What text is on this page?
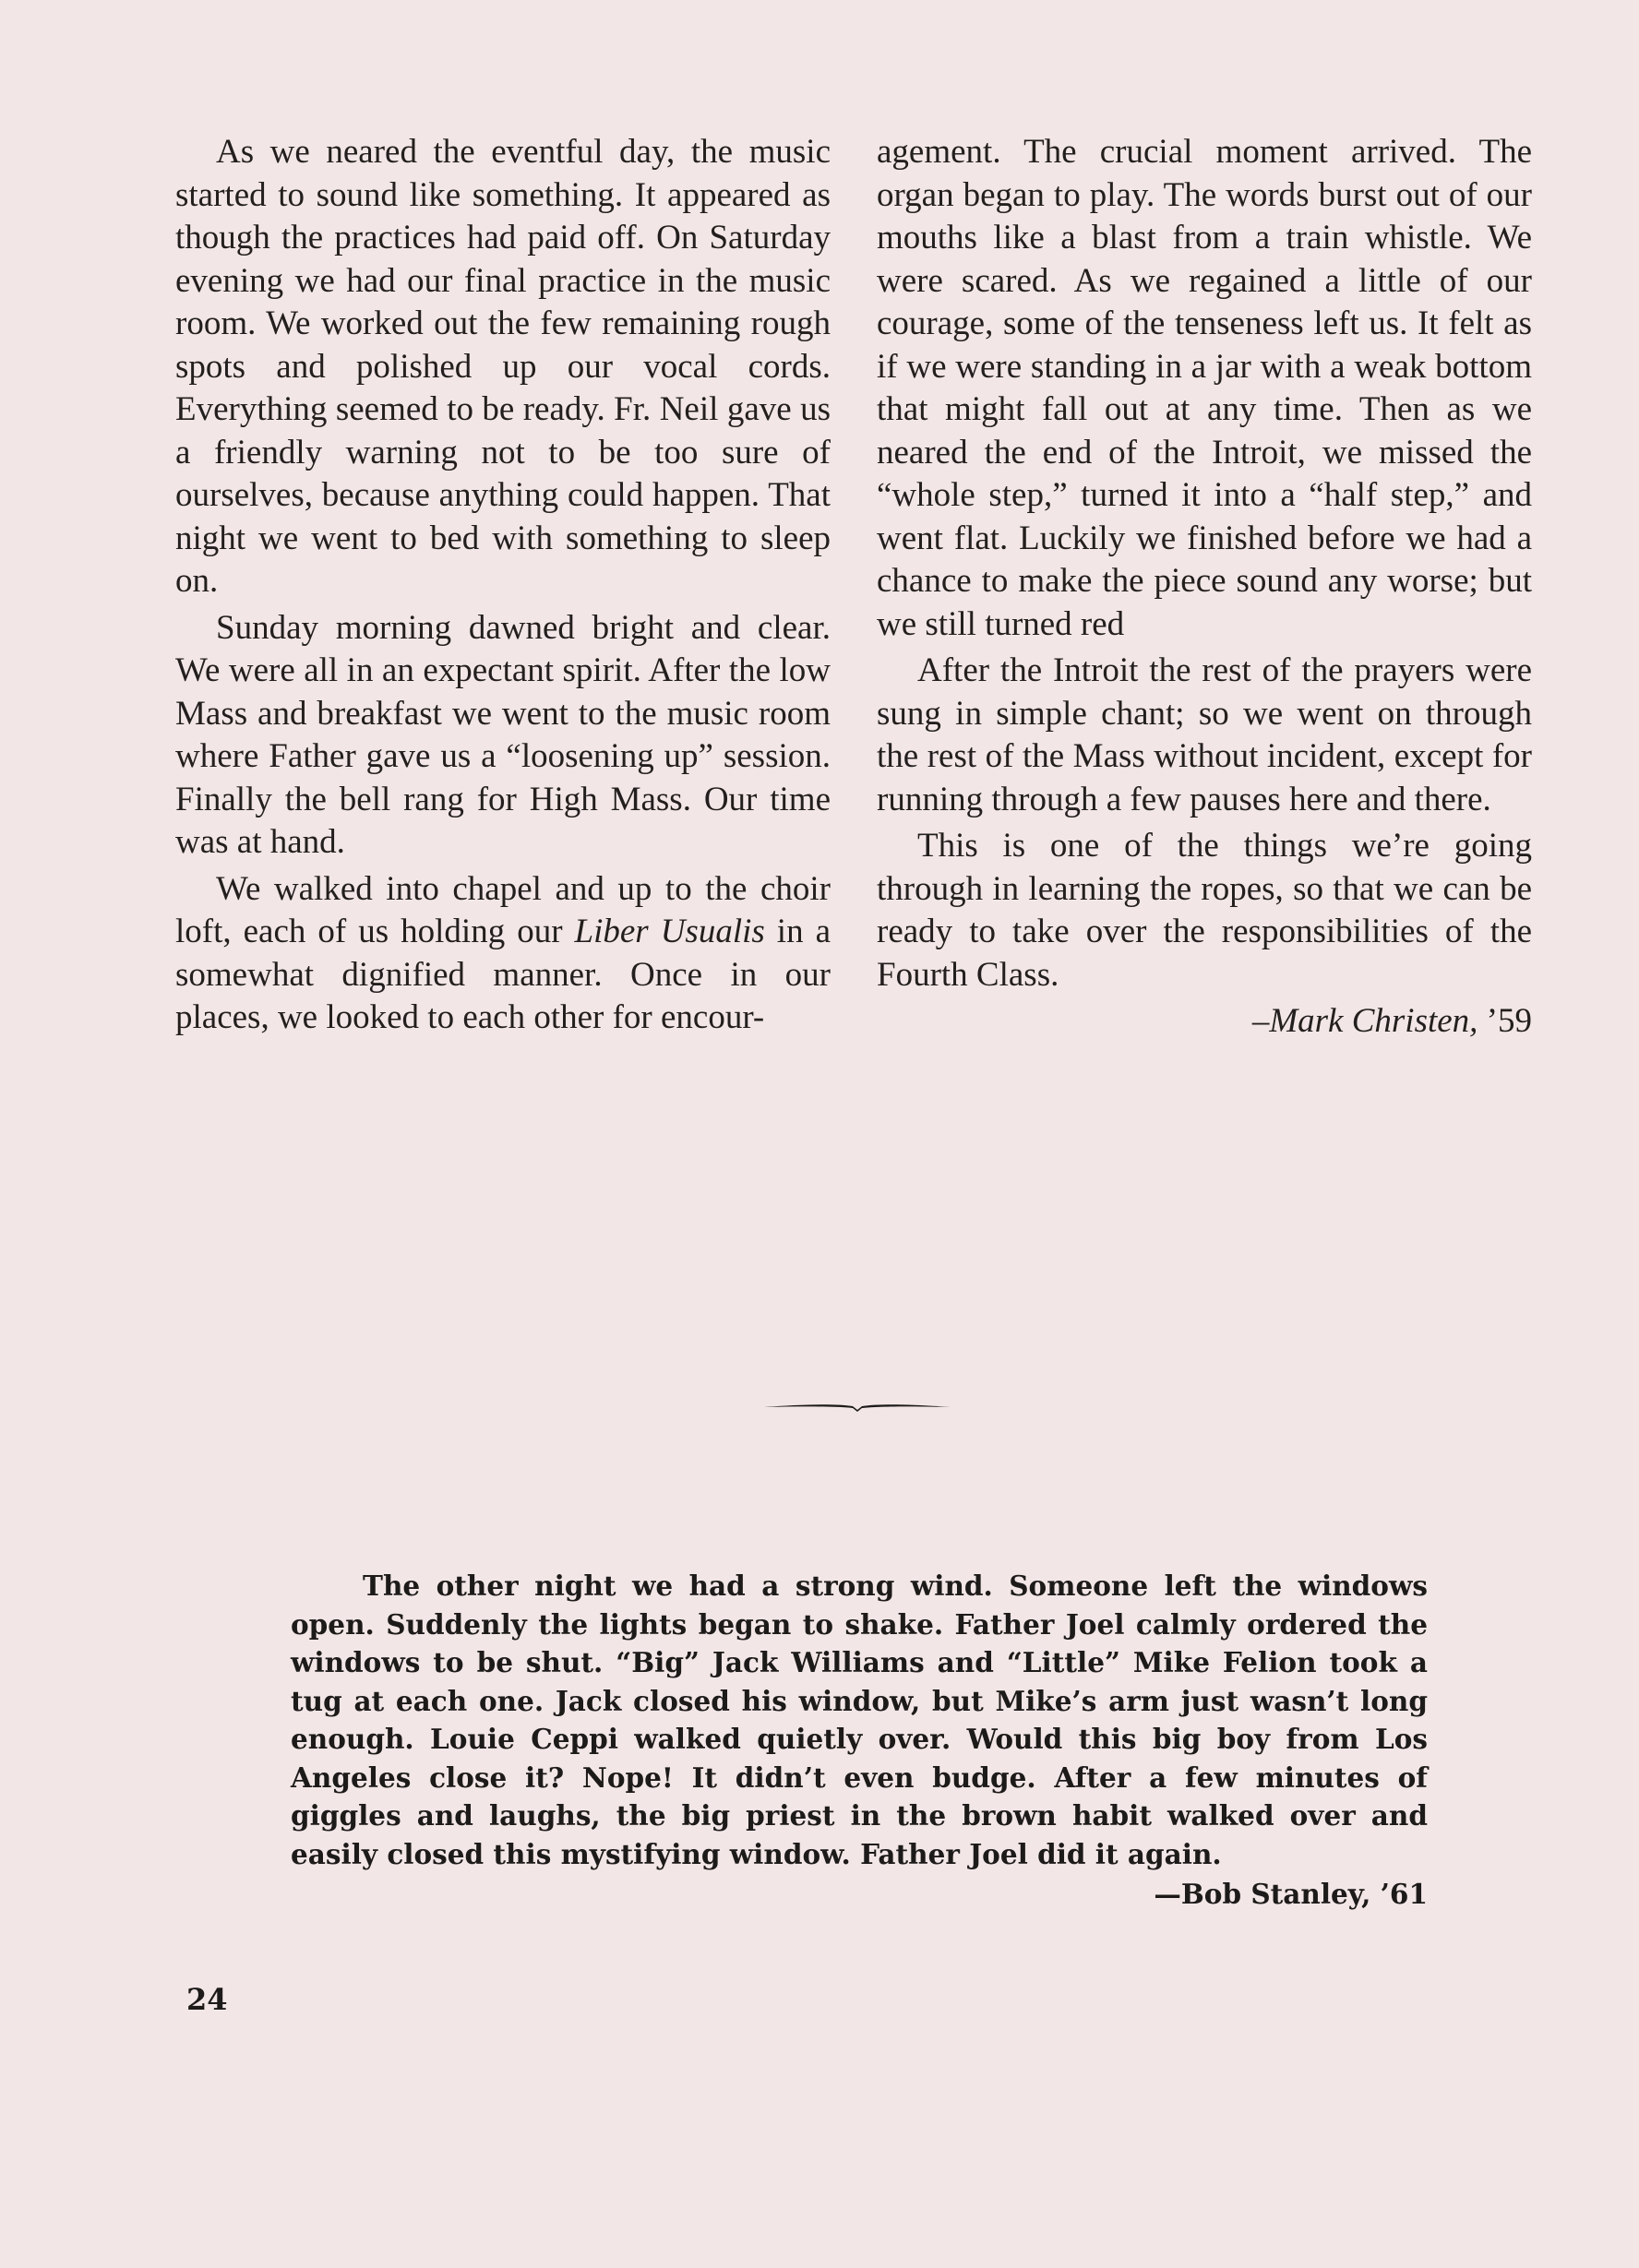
As we neared the eventful day, the music started to sound like something. It appeared as though the practices had paid off. On Saturday evening we had our final practice in the music room. We worked out the few remaining rough spots and polished up our vocal cords. Everything seemed to be ready. Fr. Neil gave us a friendly warning not to be too sure of ourselves, because anything could happen. That night we went to bed with something to sleep on.

Sunday morning dawned bright and clear. We were all in an expectant spirit. After the low Mass and breakfast we went to the music room where Father gave us a “loosening up” session. Finally the bell rang for High Mass. Our time was at hand.

We walked into chapel and up to the choir loft, each of us holding our Liber Usualis in a somewhat dignified manner. Once in our places, we looked to each other for encour-

agement. The crucial moment arrived. The organ began to play. The words burst out of our mouths like a blast from a train whistle. We were scared. As we regained a little of our courage, some of the tenseness left us. It felt as if we were standing in a jar with a weak bottom that might fall out at any time. Then as we neared the end of the Introit, we missed the “whole step,” turned it into a “half step,” and went flat. Luckily we finished before we had a chance to make the piece sound any worse; but we still turned red

After the Introit the rest of the prayers were sung in simple chant; so we went on through the rest of the Mass without incident, except for running through a few pauses here and there.

This is one of the things we’re going through in learning the ropes, so that we can be ready to take over the responsibilities of the Fourth Class.

–Mark Christen, ’59

The other night we had a strong wind. Someone left the windows open. Suddenly the lights began to shake. Father Joel calmly ordered the windows to be shut. “Big” Jack Williams and “Little” Mike Felion took a tug at each one. Jack closed his window, but Mike’s arm just wasn’t long enough. Louie Ceppi walked quietly over. Would this big boy from Los Angeles close it? Nope! It didn’t even budge. After a few minutes of giggles and laughs, the big priest in the brown habit walked over and easily closed this mystifying window. Father Joel did it again.

—Bob Stanley, ’61
24
